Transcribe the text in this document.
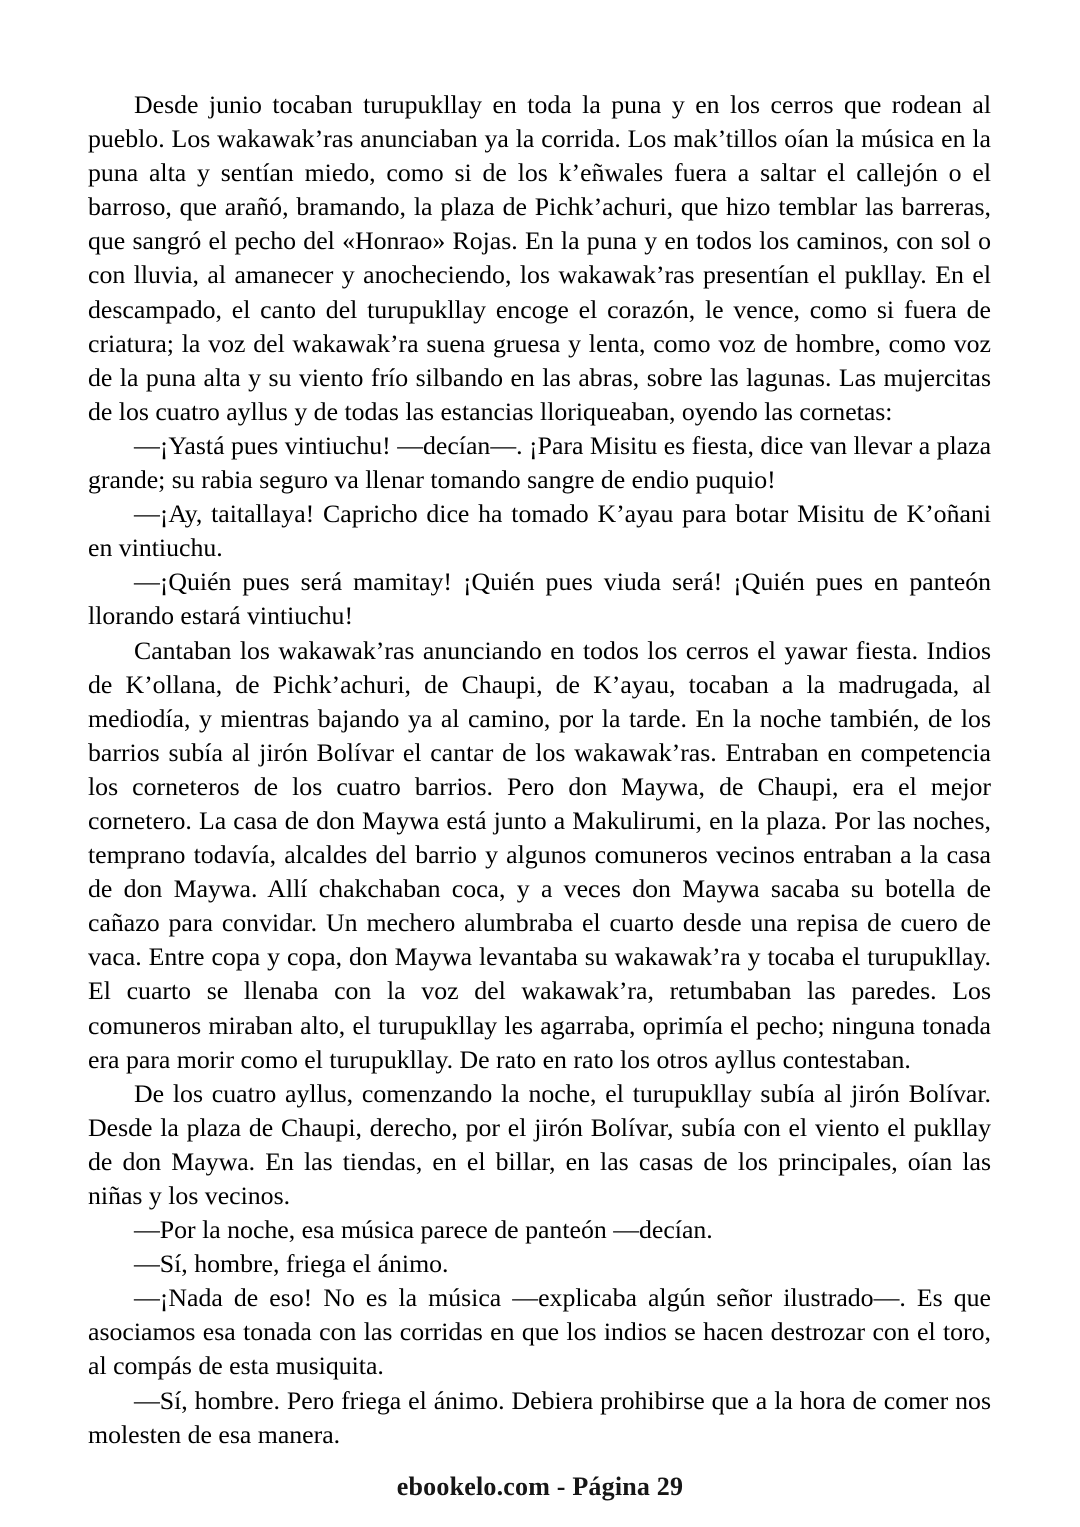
Desde junio tocaban turupukllay en toda la puna y en los cerros que rodean al pueblo. Los wakawak’ras anunciaban ya la corrida. Los mak’tillos oían la música en la puna alta y sentían miedo, como si de los k’eñwales fuera a saltar el callejón o el barroso, que arañó, bramando, la plaza de Pichk’achuri, que hizo temblar las barreras, que sangró el pecho del «Honrao» Rojas. En la puna y en todos los caminos, con sol o con lluvia, al amanecer y anocheciendo, los wakawak’ras presentían el pukllay. En el descampado, el canto del turupukllay encoge el corazón, le vence, como si fuera de criatura; la voz del wakawak’ra suena gruesa y lenta, como voz de hombre, como voz de la puna alta y su viento frío silbando en las abras, sobre las lagunas. Las mujercitas de los cuatro ayllus y de todas las estancias lloriqueaban, oyendo las cornetas:

—¡Yastá pues vintiuchu! —decían—. ¡Para Misitu es fiesta, dice van llevar a plaza grande; su rabia seguro va llenar tomando sangre de endio puquio!

—¡Ay, taitallaya! Capricho dice ha tomado K’ayau para botar Misitu de K’oñani en vintiuchu.

—¡Quién pues será mamitay! ¡Quién pues viuda será! ¡Quién pues en panteón llorando estará vintiuchu!

Cantaban los wakawak’ras anunciando en todos los cerros el yawar fiesta. Indios de K’ollana, de Pichk’achuri, de Chaupi, de K’ayau, tocaban a la madrugada, al mediodía, y mientras bajando ya al camino, por la tarde. En la noche también, de los barrios subía al jirón Bolívar el cantar de los wakawak’ras. Entraban en competencia los corneteros de los cuatro barrios. Pero don Maywa, de Chaupi, era el mejor cornetero. La casa de don Maywa está junto a Makulirumi, en la plaza. Por las noches, temprano todavía, alcaldes del barrio y algunos comuneros vecinos entraban a la casa de don Maywa. Allí chakchaban coca, y a veces don Maywa sacaba su botella de cañazo para convidar. Un mechero alumbraba el cuarto desde una repisa de cuero de vaca. Entre copa y copa, don Maywa levantaba su wakawak’ra y tocaba el turupukllay. El cuarto se llenaba con la voz del wakawak’ra, retumbaban las paredes. Los comuneros miraban alto, el turupukllay les agarraba, oprimía el pecho; ninguna tonada era para morir como el turupukllay. De rato en rato los otros ayllus contestaban.

De los cuatro ayllus, comenzando la noche, el turupukllay subía al jirón Bolívar. Desde la plaza de Chaupi, derecho, por el jirón Bolívar, subía con el viento el pukllay de don Maywa. En las tiendas, en el billar, en las casas de los principales, oían las niñas y los vecinos.

—Por la noche, esa música parece de panteón —decían.

—Sí, hombre, friega el ánimo.

—¡Nada de eso! No es la música —explicaba algún señor ilustrado—. Es que asociamos esa tonada con las corridas en que los indios se hacen destrozar con el toro, al compás de esta musiquita.

—Sí, hombre. Pero friega el ánimo. Debiera prohibirse que a la hora de comer nos molesten de esa manera.

ebookelo.com - Página 29
